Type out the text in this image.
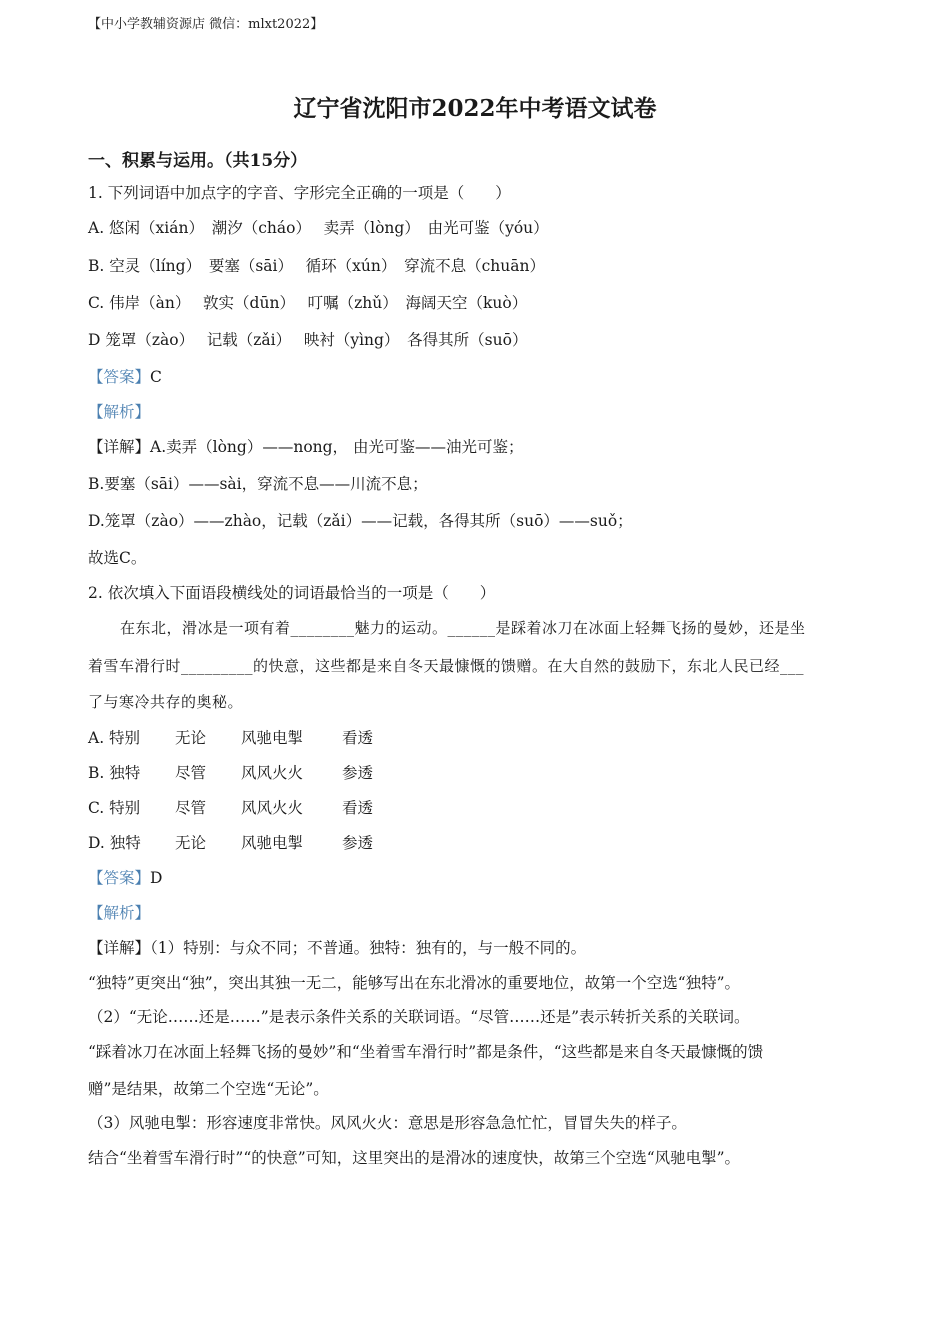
【中小学教辅资源店 微信：mlxt2022】
辽宁省沈阳市2022年中考语文试卷
一、积累与运用。（共15分）
1. 下列词语中加点字的字音、字形完全正确的一项是（　　）
A. 悠闲（xián）　潮汐（cháo）　 卖弄（lòng）　由光可鉴（yóu）
B. 空灵（líng）　要塞（sāi）　 循环（xún）　穿流不息（chuān）
C. 伟岸（àn）　 敦实（dūn）　 叮嘱（zhǔ）　海阔天空（kuò）
D 笼罩（zào）　 记载（zǎi）　 映衬（yìng）　各得其所（suō）
【答案】C
【解析】
【详解】A.卖弄（lòng）——nong， 由光可鉴——油光可鉴；
B.要塞（sāi）——sài，穿流不息——川流不息；
D.笼罩（zào）——zhào，记载（zǎi）——记载，各得其所（suō）——suǒ；
故选C。
2. 依次填入下面语段横线处的词语最恰当的一项是（　　）
在东北，滑冰是一项有着________魅力的运动。______是踩着冰刀在冰面上轻舞飞扬的曼妙，还是坐
着雪车滑行时_________的快意，这些都是来自冬天最慷慨的馈赠。在大自然的鼓励下，东北人民已经___
了与寒冷共存的奥秘。
A. 特别 无论 风驰电掣	看透
B. 独特 尽管 风风火火	参透
C. 特别 尽管 风风火火	看透
D. 独特 无论 风驰电掣	参透
【答案】D
【解析】
【详解】（1）特别：与众不同；不普通。独特：独有的，与一般不同的。
“独特”更突出“独”，突出其独一无二，能够写出在东北滑冰的重要地位，故第一个空选“独特”。
（2）“无论……还是……”是表示条件关系的关联词语。“尽管……还是”表示转折关系的关联词。
“踩着冰刀在冰面上轻舞飞扬的曼妙”和“坐着雪车滑行时”都是条件，“这些都是来自冬天最慷慨的馈
赠”是结果，故第二个空选“无论”。
（3）风驰电掣：形容速度非常快。风风火火：意思是形容急急忙忙，冒冒失失的样子。
结合“坐着雪车滑行时”“的快意”可知，这里突出的是滑冰的速度快，故第三个空选“风驰电掣”。
